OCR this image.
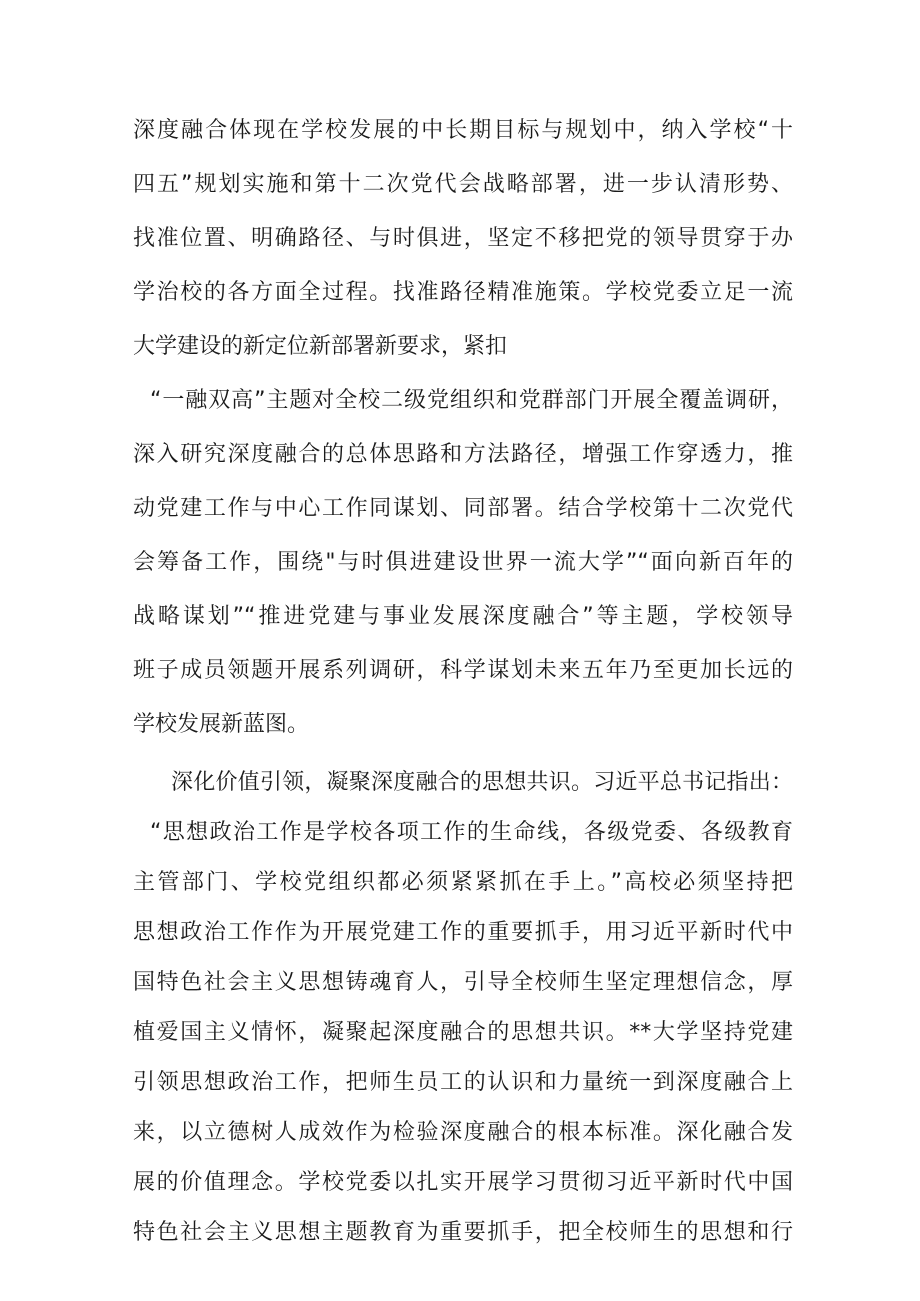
深度融合体现在学校发展的中长期目标与规划中，纳入学校“十
四五”规划实施和第十二次党代会战略部署，进一步认清形势、
找准位置、明确路径、与时俱进，坚定不移把党的领导贯穿于办
学治校的各方面全过程。找准路径精准施策。学校党委立足一流
大学建设的新定位新部署新要求，紧扣
“一融双高”主题对全校二级党组织和党群部门开展全覆盖调研，
深入研究深度融合的总体思路和方法路径，增强工作穿透力，推
动党建工作与中心工作同谋划、同部署。结合学校第十二次党代
会筹备工作，围绕"与时俱进建设世界一流大学”“面向新百年的
战略谋划”“推进党建与事业发展深度融合”等主题，学校领导
班子成员领题开展系列调研，科学谋划未来五年乃至更加长远的
学校发展新蓝图。
深化价值引领，凝聚深度融合的思想共识。习近平总书记指出：
“思想政治工作是学校各项工作的生命线，各级党委、各级教育
主管部门、学校党组织都必须紧紧抓在手上。”高校必须坚持把
思想政治工作作为开展党建工作的重要抓手，用习近平新时代中
国特色社会主义思想铸魂育人，引导全校师生坚定理想信念，厚
植爱国主义情怀，凝聚起深度融合的思想共识。**大学坚持党建
引领思想政治工作，把师生员工的认识和力量统一到深度融合上
来，以立德树人成效作为检验深度融合的根本标准。深化融合发
展的价值理念。学校党委以扎实开展学习贯彻习近平新时代中国
特色社会主义思想主题教育为重要抓手，把全校师生的思想和行
